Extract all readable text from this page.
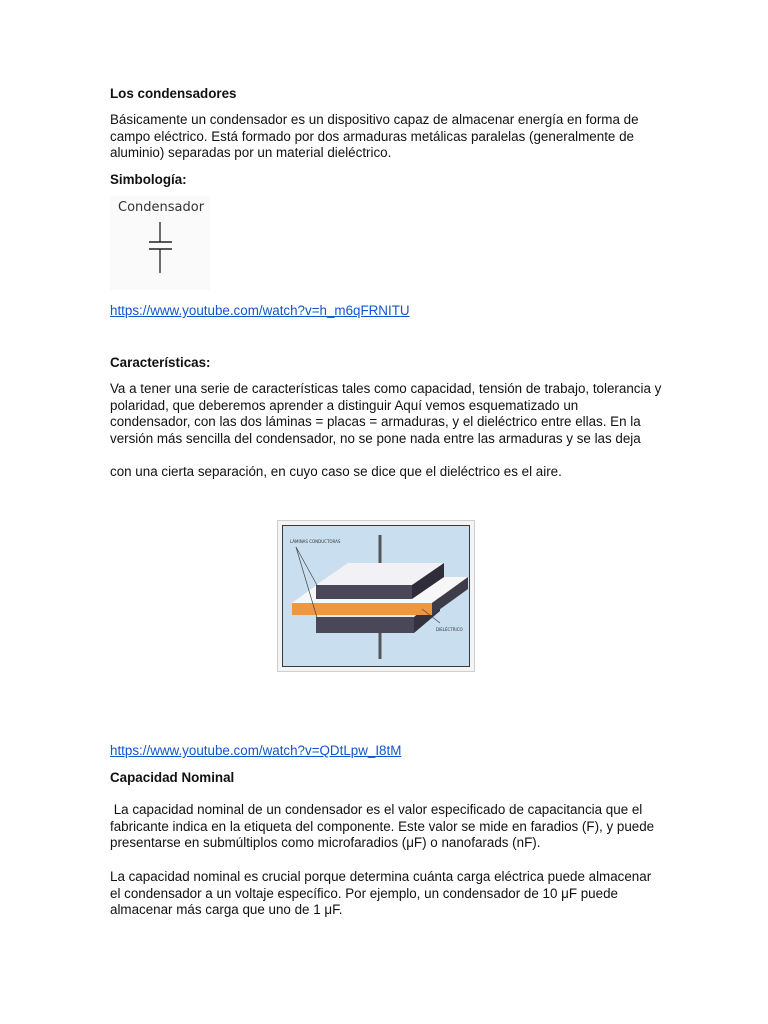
Los condensadores

Básicamente un condensador es un dispositivo capaz de almacenar energía en forma de campo eléctrico. Está formado por dos armaduras metálicas paralelas (generalmente de aluminio) separadas por un material dieléctrico.

Simbología:

Condensador

https://www.youtube.com/watch?v=h_m6qFRNITU

Características:

Va a tener una serie de características tales como capacidad, tensión de trabajo, tolerancia y polaridad, que deberemos aprender a distinguir Aquí vemos esquematizado un condensador, con las dos láminas = placas = armaduras, y el dieléctrico entre ellas. En la versión más sencilla del condensador, no se pone nada entre las armaduras y se las deja

con una cierta separación, en cuyo caso se dice que el dieléctrico es el aire.

LÁMINAS CONDUCTORAS
DIELÉCTRICO

https://www.youtube.com/watch?v=QDtLpw_I8tM

Capacidad Nominal

La capacidad nominal de un condensador es el valor especificado de capacitancia que el fabricante indica en la etiqueta del componente. Este valor se mide en faradios (F), y puede presentarse en submúltiplos como microfaradios (μF) o nanofarads (nF).

La capacidad nominal es crucial porque determina cuánta carga eléctrica puede almacenar el condensador a un voltaje específico. Por ejemplo, un condensador de 10 μF puede almacenar más carga que uno de 1 μF.
